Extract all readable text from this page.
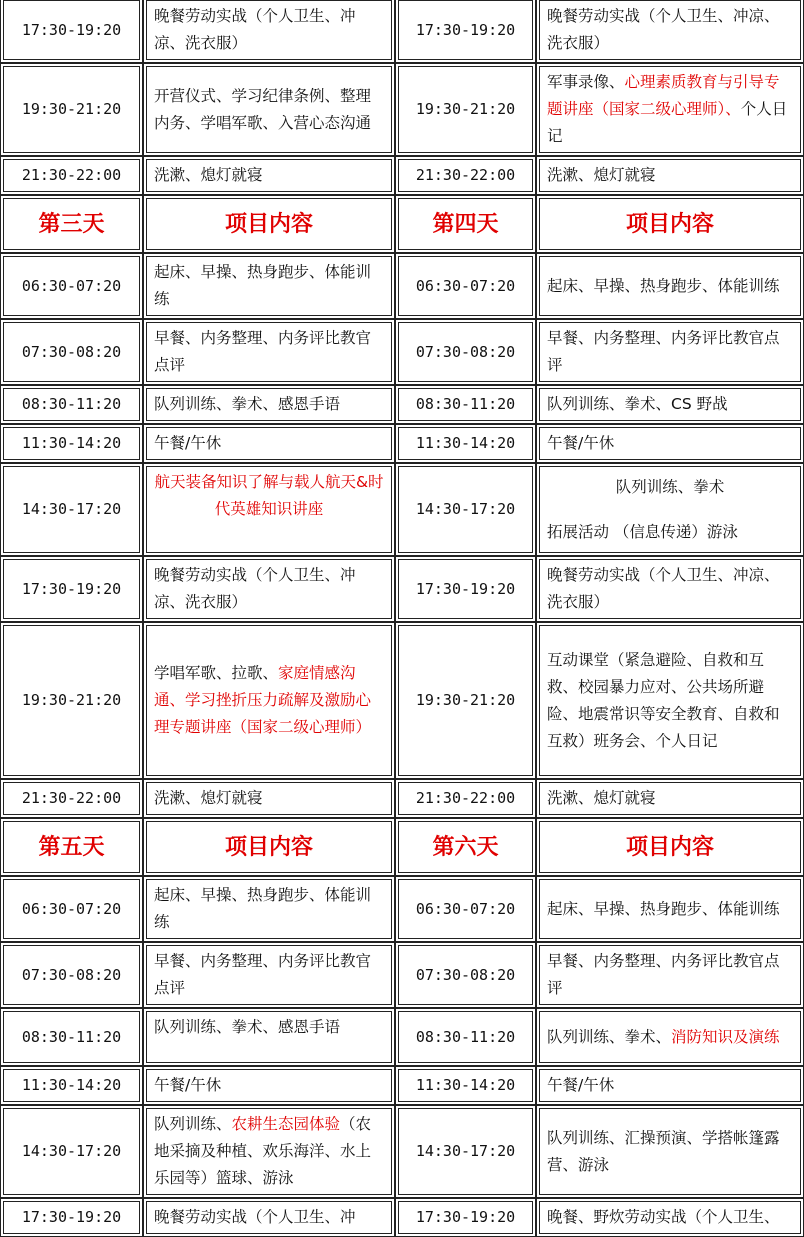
17:30-19:20	晚餐劳动实战（个人卫生、冲凉、洗衣服）	17:30-19:20	晚餐劳动实战（个人卫生、冲凉、洗衣服）
19:30-21:20	开营仪式、学习纪律条例、整理内务、学唱军歌、入营心态沟通	19:30-21:20	军事录像、心理素质教育与引导专题讲座（国家二级心理师）、个人日记
21:30-22:00	洗漱、熄灯就寝	21:30-22:00	洗漱、熄灯就寝
第三天	项目内容	第四天	项目内容
06:30-07:20	起床、早操、热身跑步、体能训练	06:30-07:20	起床、早操、热身跑步、体能训练
07:30-08:20	早餐、内务整理、内务评比教官点评	07:30-08:20	早餐、内务整理、内务评比教官点评
08:30-11:20	队列训练、拳术、感恩手语	08:30-11:20	队列训练、拳术、CS 野战
11:30-14:20	午餐/午休	11:30-14:20	午餐/午休
14:30-17:20	航天装备知识了解与载人航天&时代英雄知识讲座	14:30-17:20	队列训练、拳术
拓展活动 （信息传递）游泳

17:30-19:20	晚餐劳动实战（个人卫生、冲凉、洗衣服）	17:30-19:20	晚餐劳动实战（个人卫生、冲凉、 洗衣服）
19:30-21:20	学唱军歌、拉歌、家庭情感沟通、学习挫折压力疏解及激励心理专题讲座（国家二级心理师）	19:30-21:20	互动课堂（紧急避险、自救和互救、校园暴力应对、公共场所避险、地震常识等安全教育、自救和互救）班务会、个人日记
21:30-22:00	洗漱、熄灯就寝	21:30-22:00	洗漱、熄灯就寝
第五天	项目内容	第六天	项目内容
06:30-07:20	起床、早操、热身跑步、体能训练	06:30-07:20	起床、早操、热身跑步、体能训练
07:30-08:20	早餐、内务整理、内务评比教官点评	07:30-08:20	早餐、内务整理、内务评比教官点评
08:30-11:20	队列训练、拳术、感恩手语	08:30-11:20	队列训练、拳术、消防知识及演练
11:30-14:20	午餐/午休	11:30-14:20	午餐/午休
14:30-17:20	队列训练、农耕生态园体验（农地采摘及种植、欢乐海洋、水上乐园等）篮球、游泳	14:30-17:20	队列训练、汇操预演、学搭帐篷露营、游泳
17:30-19:20	晚餐劳动实战（个人卫生、冲	17:30-19:20	晚餐、野炊劳动实战（个人卫生、
